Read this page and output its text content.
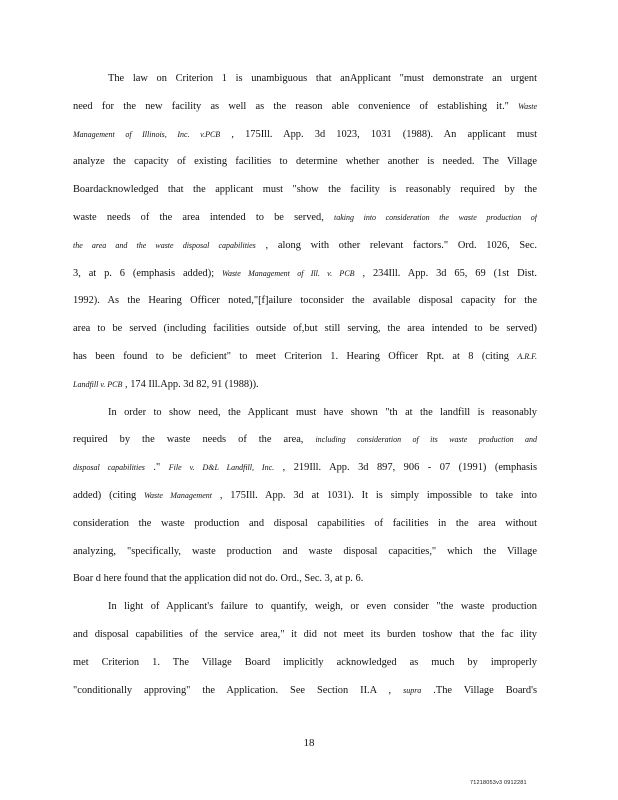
The law on Criterion 1 is unambiguous that anApplicant "must demonstrate an urgent
need for the new facility as well as the reason able convenience of establishing it." Waste
Management of Illinois, Inc. v.PCB , 175Ill. App. 3d 1023, 1031 (1988). An applicant must
analyze the capacity of existing facilities to determine whether another is needed. The Village
Boardacknowledged that the applicant must "show the facility is reasonably required by the
waste needs of the area intended to be served, taking into consideration the waste production of
the area and the waste disposal capabilities , along with other relevant factors." Ord. 1026, Sec.
3, at p. 6 (emphasis added); Waste Management of Ill. v. PCB , 234Ill. App. 3d 65, 69 (1st Dist.
1992). As the Hearing Officer noted,"[f]ailure toconsider the available disposal capacity for the
area to be served (including facilities outside of,but still serving, the area intended to be served)
has been found to be deficient" to meet Criterion 1. Hearing Officer Rpt. at 8 (citing A.R.F.
Landfill v. PCB , 174 Ill.App. 3d 82, 91 (1988)).
In order to show need, the Applicant must have shown "th at the landfill is reasonably
required by the waste needs of the area, including consideration of its waste production and
disposal capabilities ." File v. D&L Landfill, Inc. , 219Ill. App. 3d 897, 906 - 07 (1991) (emphasis
added) (citing Waste Management , 175Ill. App. 3d at 1031). It is simply impossible to take into
consideration the waste production and disposal capabilities of facilities in the area without
analyzing, "specifically, waste production and waste disposal capacities," which the Village
Boar d here found that the application did not do. Ord., Sec. 3, at p. 6.
In light of Applicant's failure to quantify, weigh, or even consider "the waste production
and disposal capabilities of the service area," it did not meet its burden toshow that the fac ility
met Criterion 1. The Village Board implicitly acknowledged as much by improperly
"conditionally approving" the Application. See Section II.A , supra .The Village Board's
18
71218053v3 0912281
